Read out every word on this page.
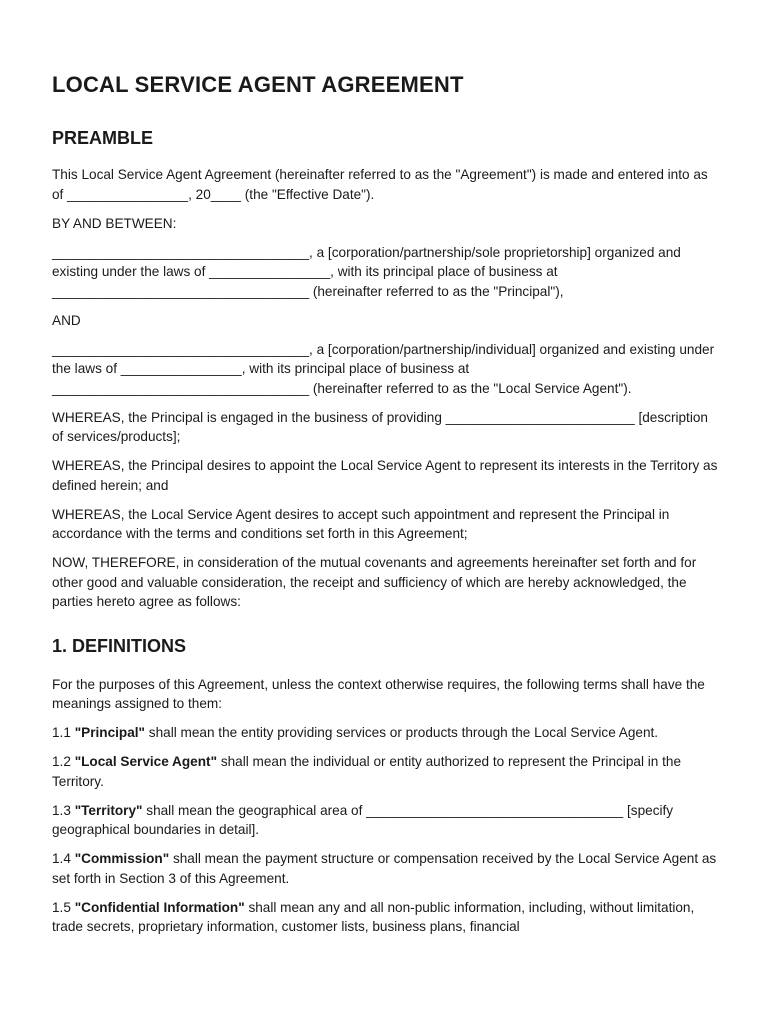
LOCAL SERVICE AGENT AGREEMENT
PREAMBLE

This Local Service Agent Agreement (hereinafter referred to as the "Agreement") is made and entered into as of ________________, 20____ (the "Effective Date").

BY AND BETWEEN:

__________________________________, a [corporation/partnership/sole proprietorship] organized and existing under the laws of ________________, with its principal place of business at __________________________________ (hereinafter referred to as the "Principal"),

AND

__________________________________, a [corporation/partnership/individual] organized and existing under the laws of ________________, with its principal place of business at __________________________________ (hereinafter referred to as the "Local Service Agent").

WHEREAS, the Principal is engaged in the business of providing _________________________ [description of services/products];

WHEREAS, the Principal desires to appoint the Local Service Agent to represent its interests in the Territory as defined herein; and

WHEREAS, the Local Service Agent desires to accept such appointment and represent the Principal in accordance with the terms and conditions set forth in this Agreement;

NOW, THEREFORE, in consideration of the mutual covenants and agreements hereinafter set forth and for other good and valuable consideration, the receipt and sufficiency of which are hereby acknowledged, the parties hereto agree as follows:

1. DEFINITIONS

For the purposes of this Agreement, unless the context otherwise requires, the following terms shall have the meanings assigned to them:

1.1 "Principal" shall mean the entity providing services or products through the Local Service Agent.

1.2 "Local Service Agent" shall mean the individual or entity authorized to represent the Principal in the Territory.

1.3 "Territory" shall mean the geographical area of __________________________________ [specify geographical boundaries in detail].

1.4 "Commission" shall mean the payment structure or compensation received by the Local Service Agent as set forth in Section 3 of this Agreement.

1.5 "Confidential Information" shall mean any and all non-public information, including, without limitation, trade secrets, proprietary information, customer lists, business plans, financial
